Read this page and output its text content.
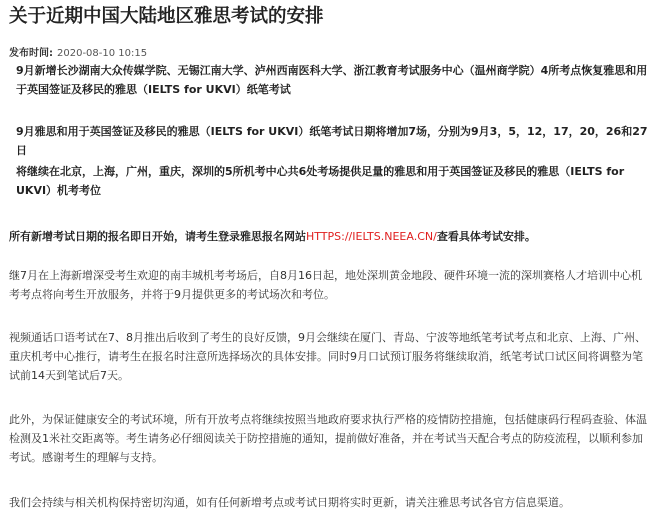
关于近期中国大陆地区雅思考试的安排
发布时间: 2020-08-10 10:15

9月新增长沙湖南大众传媒学院、无锡江南大学、泸州西南医科大学、浙江教育考试服务中心（温州商学院）4所考点恢复雅思和用于英国签证及移民的雅思（IELTS for UKVI）纸笔考试

9月雅思和用于英国签证及移民的雅思（IELTS for UKVI）纸笔考试日期将增加7场，分别为9月3，5，12，17，20，26和27日

将继续在北京，上海，广州，重庆，深圳的5所机考中心共6处考场提供足量的雅思和用于英国签证及移民的雅思（IELTS for UKVI）机考考位

所有新增考试日期的报名即日开始，请考生登录雅思报名网站HTTPS://IELTS.NEEA.CN/查看具体考试安排。

继7月在上海新增深受考生欢迎的南丰城机考考场后，自8月16日起，地处深圳黄金地段、硬件环境一流的深圳赛格人才培训中心机考考点将向考生开放服务，并将于9月提供更多的考试场次和考位。

视频通话口语考试在7、8月推出后收到了考生的良好反馈，9月会继续在厦门、青岛、宁波等地纸笔考试考点和北京、上海、广州、重庆机考中心推行，请考生在报名时注意所选择场次的具体安排。同时9月口试预订服务将继续取消，纸笔考试口试区间将调整为笔试前14天到笔试后7天。

此外，为保证健康安全的考试环境，所有开放考点将继续按照当地政府要求执行严格的疫情防控措施，包括健康码行程码查验、体温检测及1米社交距离等。考生请务必仔细阅读关于防控措施的通知，提前做好准备，并在考试当天配合考点的防疫流程，以顺利参加考试。感谢考生的理解与支持。

我们会持续与相关机构保持密切沟通，如有任何新增考点或考试日期将实时更新，请关注雅思考试各官方信息渠道。
